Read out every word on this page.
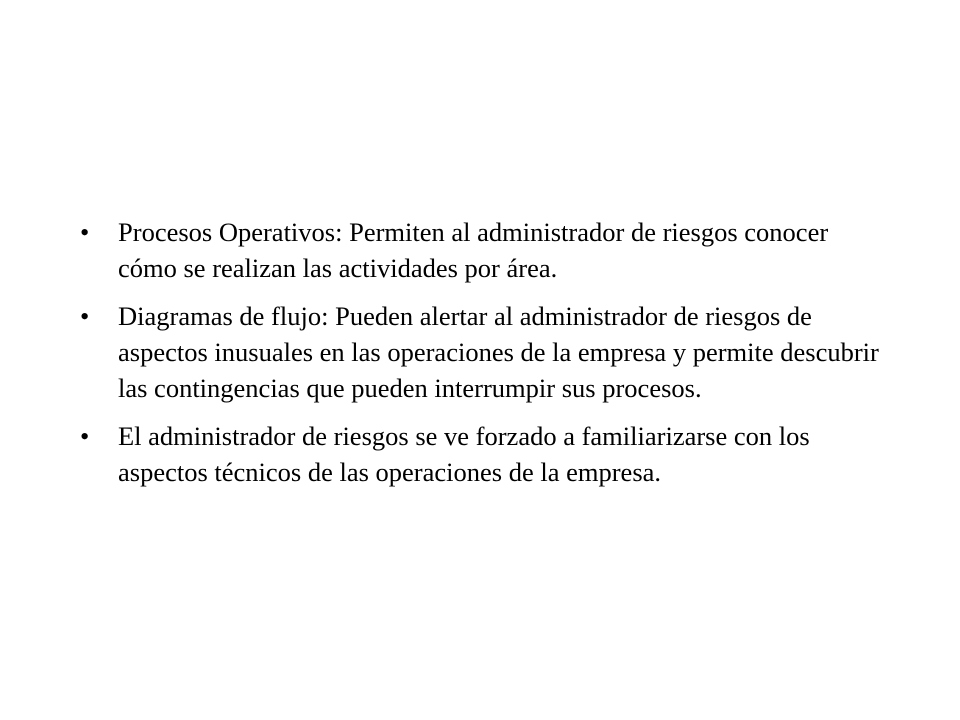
•	Procesos Operativos: Permiten al administrador de riesgos conocer cómo se realizan las actividades por área.
•	Diagramas de flujo: Pueden alertar al administrador de riesgos de aspectos inusuales en las operaciones de la empresa y permite descubrir las contingencias que pueden interrumpir sus procesos.
•	El administrador de riesgos se ve forzado a familiarizarse con los aspectos técnicos de las operaciones de la empresa.
